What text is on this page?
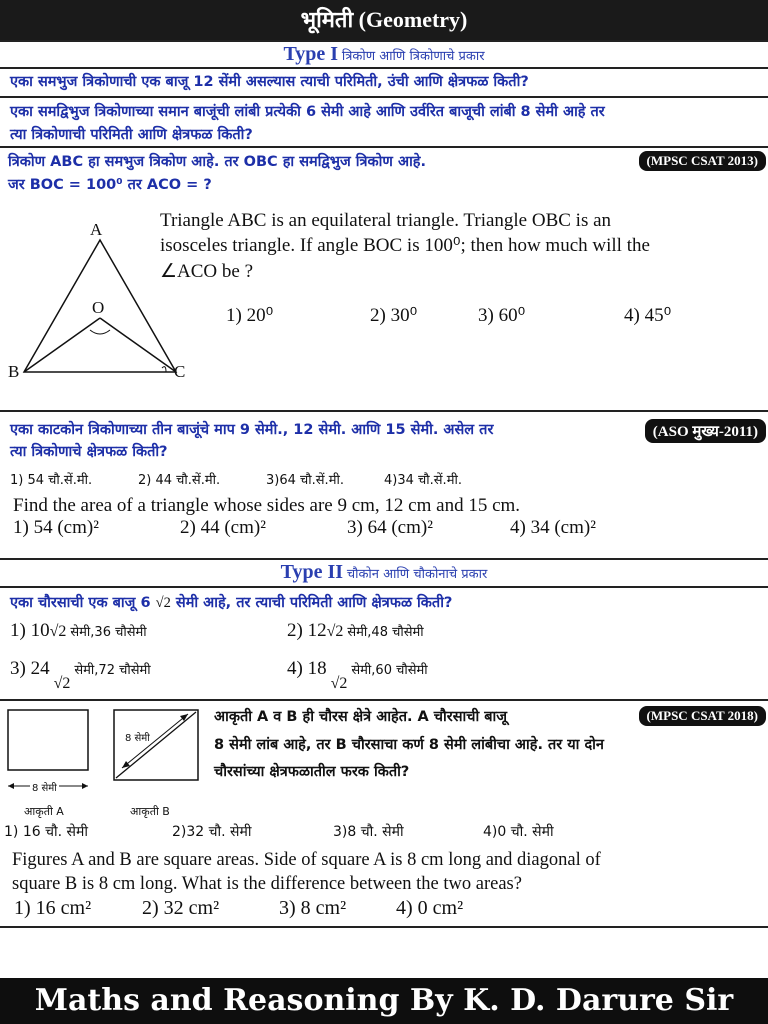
भूमिती (Geometry)
Type I त्रिकोण आणि त्रिकोणाचे प्रकार
एका समभुज त्रिकोणाची एक बाजू 12 सेंमी असल्यास त्याची परिमिती, उंची आणि क्षेत्रफळ किती?
एका समद्विभुज त्रिकोणाच्या समान बाजूंची लांबी प्रत्येकी 6 सेमी आहे आणि उर्वरित बाजूची लांबी 8 सेमी आहे तर
त्या त्रिकोणाची परिमिती आणि क्षेत्रफळ किती?
त्रिकोण ABC हा समभुज त्रिकोण आहे. तर OBC हा समद्विभुज त्रिकोण आहे.
जर BOC = 100⁰ तर ACO = ?
(MPSC CSAT 2013)
A
O
B	C
Triangle ABC is an equilateral triangle. Triangle OBC is an
isosceles triangle. If angle BOC is 100⁰; then how much will the
∠ACO be ?
1) 20⁰	2) 30⁰	3) 60⁰	4) 45⁰
एका काटकोन त्रिकोणाच्या तीन बाजूंचे माप 9 सेमी., 12 सेमी. आणि 15 सेमी. असेल तर
त्या त्रिकोणाचे क्षेत्रफळ किती?
(ASO मुख्य-2011)
1) 54 चौ.सें.मी.	2) 44 चौ.सें.मी.	3)64 चौ.सें.मी.	4)34 चौ.सें.मी.
Find the area of a triangle whose sides are 9 cm, 12 cm and 15 cm.
1) 54 (cm)²	2) 44 (cm)²	3) 64 (cm)²	4) 34 (cm)²
Type II चौकोन आणि चौकोनाचे प्रकार
एका चौरसाची एक बाजू 6 √2 सेमी आहे, तर त्याची परिमिती आणि क्षेत्रफळ किती?
1) 10√2 सेमी,36 चौसेमी	2) 12√2 सेमी,48 चौसेमी
3) 24 √2 सेमी,72 चौसेमी	4) 18 √2 सेमी,60 चौसेमी
8 सेमी
8 सेमी
आकृती A	आकृती B
आकृती A व B ही चौरस क्षेत्रे आहेत. A चौरसाची बाजू
8 सेमी लांब आहे, तर B चौरसाचा कर्ण 8 सेमी लांबीचा आहे. तर या दोन
चौरसांच्या क्षेत्रफळातील फरक किती?
(MPSC CSAT 2018)
1) 16 चौ. सेमी	2)32 चौ. सेमी	3)8 चौ. सेमी	4)0 चौ. सेमी
Figures A and B are square areas. Side of square A is 8 cm long and diagonal of
square B is 8 cm long. What is the difference between the two areas?
1) 16 cm²	2) 32 cm²	3) 8 cm² 4) 0 cm²
Maths and Reasoning By K. D. Darure Sir
